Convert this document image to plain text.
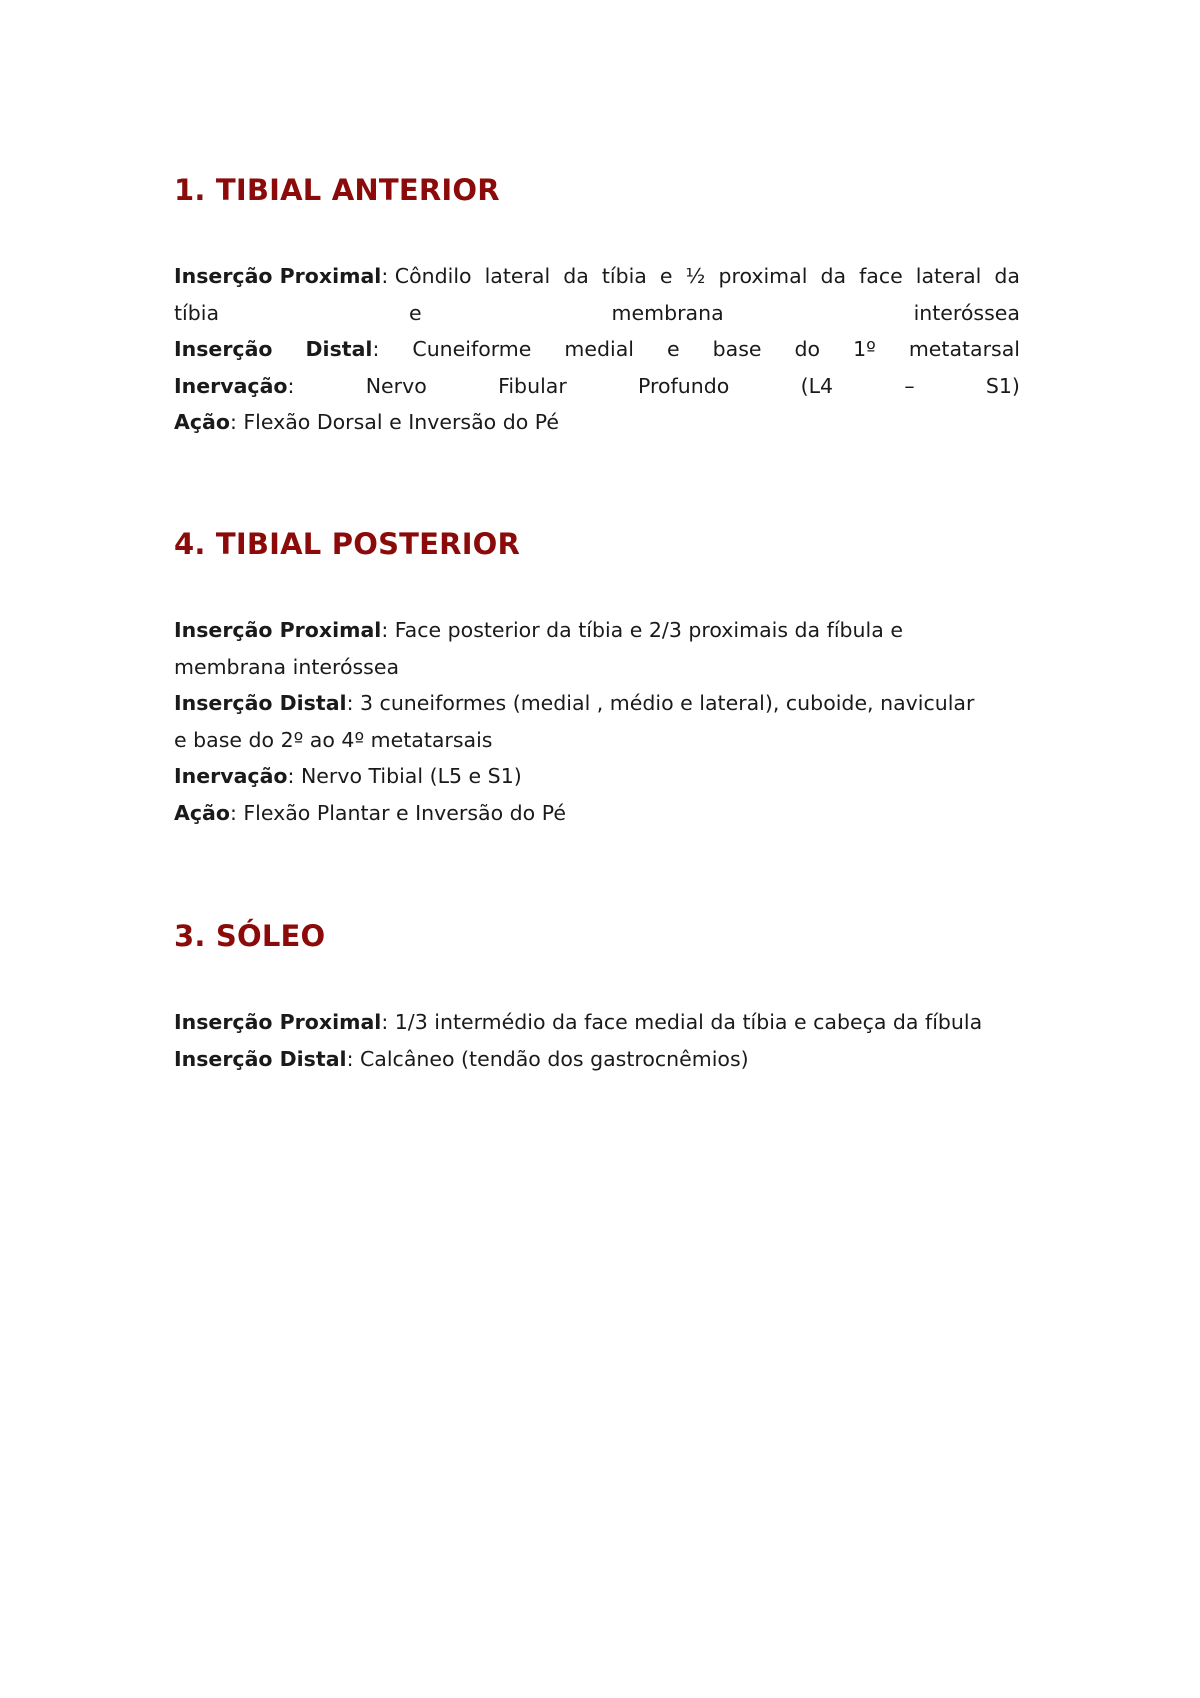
1. TIBIAL ANTERIOR
Inserção Proximal: Côndilo lateral da tíbia e ½ proximal da face lateral da
tíbia	e	membrana	interóssea
Inserção Distal: Cuneiforme medial e base do 1º metatarsal
Inervação:	Nervo	Fibular	Profundo	(L4	–	S1)
Ação: Flexão Dorsal e Inversão do Pé
4. TIBIAL POSTERIOR
Inserção Proximal: Face posterior da tíbia e 2/3 proximais da fíbula e
membrana interóssea
Inserção Distal: 3 cuneiformes (medial , médio e lateral), cuboide, navicular
e base do 2º ao 4º metatarsais
Inervação: Nervo Tibial (L5 e S1)
Ação: Flexão Plantar e Inversão do Pé
3. SÓLEO
Inserção Proximal: 1/3 intermédio da face medial da tíbia e cabeça da fíbula
Inserção Distal: Calcâneo (tendão dos gastrocnêmios)
